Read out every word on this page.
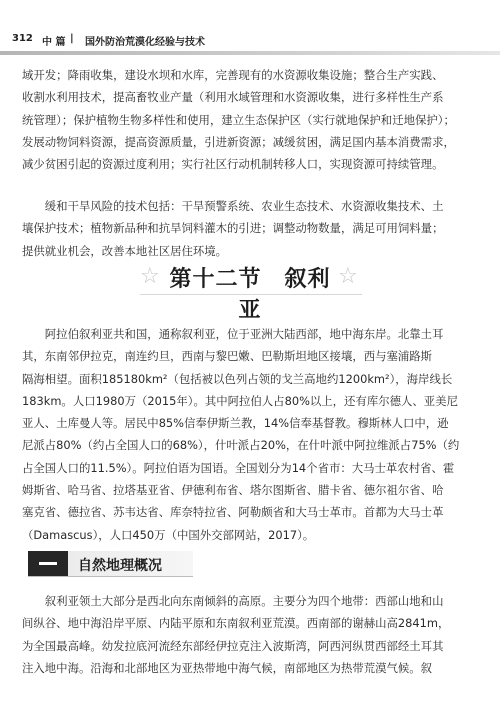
312 中 篇 | 国外防治荒漠化经验与技术
域开发；降雨收集，建设水坝和水库，完善现有的水资源收集设施；整合生产实践、
收割水利用技术，提高畜牧业产量（利用水域管理和水资源收集，进行多样性生产系
统管理）；保护植物生物多样性和使用，建立生态保护区（实行就地保护和迁地保护）；
发展动物饲料资源，提高资源质量，引进新资源；减缓贫困，满足国内基本消费需求，
减少贫困引起的资源过度利用；实行社区行动机制转移人口，实现资源可持续管理。
　　缓和干旱风险的技术包括：干旱预警系统、农业生态技术、水资源收集技术、土
壤保护技术；植物新品种和抗旱饲料灌木的引进；调整动物数量，满足可用饲料量；
提供就业机会，改善本地社区居住环境。
☆ 第十二节　叙利亚
☆
　　阿拉伯叙利亚共和国，通称叙利亚，位于亚洲大陆西部，地中海东岸。北靠土耳
其，东南邻伊拉克，南连约旦，西南与黎巴嫩、巴勒斯坦地区接壤，西与塞浦路斯
隔海相望。面积185180km²（包括被以色列占领的戈兰高地约1200km²），海岸线长
183km。人口1980万（2015年）。其中阿拉伯人占80%以上，还有库尔德人、亚美尼
亚人、土库曼人等。居民中85%信奉伊斯兰教，14%信奉基督教。穆斯林人口中，逊
尼派占80%（约占全国人口的68%），什叶派占20%，在什叶派中阿拉维派占75%（约
占全国人口的11.5%）。阿拉伯语为国语。全国划分为14个省市：大马士革农村省、霍
姆斯省、哈马省、拉塔基亚省、伊德利布省、塔尔图斯省、腊卡省、德尔祖尔省、哈
塞克省、德拉省、苏韦达省、库奈特拉省、阿勒颇省和大马士革市。首都为大马士革
（Damascus），人口450万（中国外交部网站，2017）。
自然地理概况
　　叙利亚领土大部分是西北向东南倾斜的高原。主要分为四个地带：西部山地和山
间纵谷、地中海沿岸平原、内陆平原和东南叙利亚荒漠。西南部的谢赫山高2841m，
为全国最高峰。幼发拉底河流经东部经伊拉克注入波斯湾，阿西河纵贯西部经土耳其
注入地中海。沿海和北部地区为亚热带地中海气候，南部地区为热带荒漠气候。叙
